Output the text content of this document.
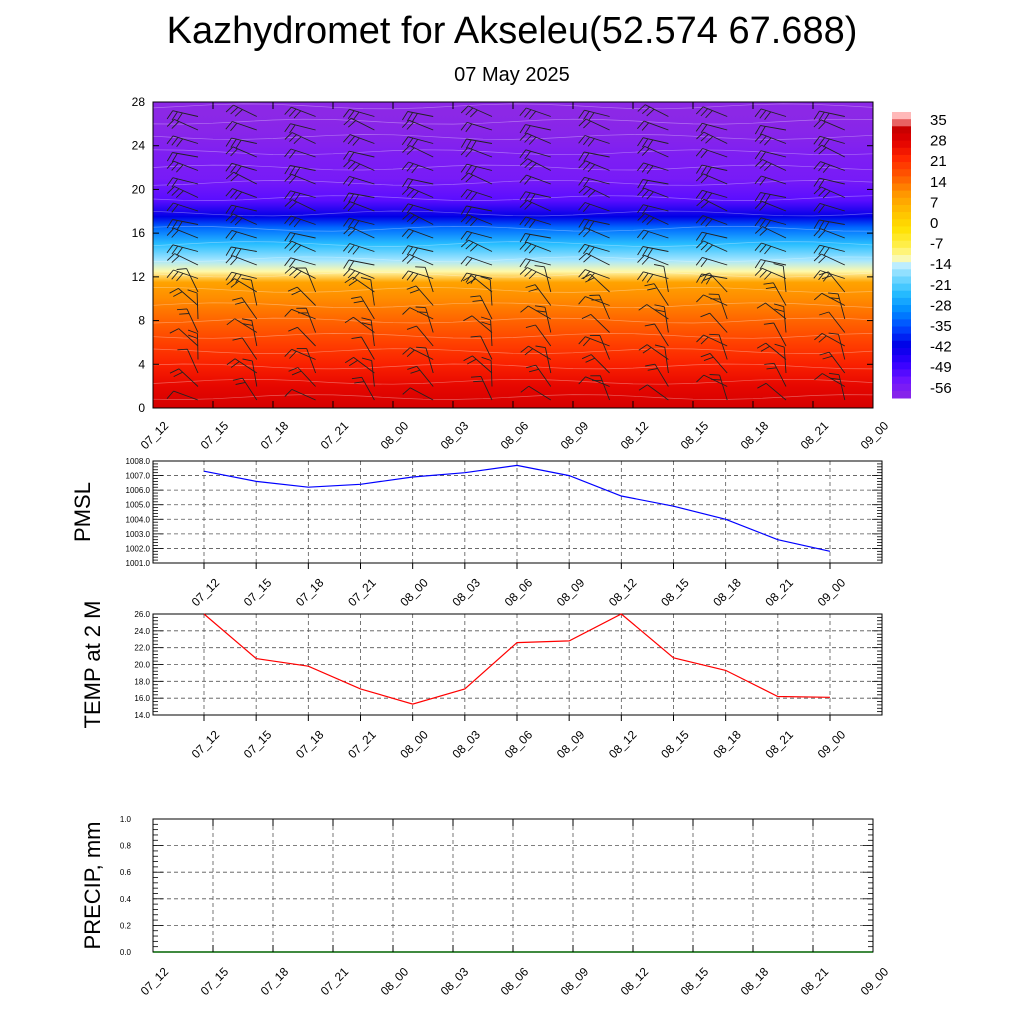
Kazhydromet for Akseleu(52.574 67.688)
07 May 2025
0
4
8
12
16
20
24
28
07_12 07_15 07_18 07_21 08_00 08_03 08_06 08_09 08_12 08_15 08_18 08_21 09_00
35
28
21
14
7
0
-7
-14
-21
-28
-35
-42
-49
-56
1001.0
1002.0
1003.0
1004.0
1005.0
1006.0
1007.0
1008.0
07_12 07_15 07_18 07_21 08_00 08_03 08_06 08_09 08_12 08_15 08_18 08_21 09_00
PMSL
14.0
16.0
18.0
20.0
22.0
24.0
26.0
07_12 07_15 07_18 07_21 08_00 08_03 08_06 08_09 08_12 08_15 08_18 08_21 09_00
TEMP at 2 M
0.0
0.2
0.4
0.6
0.8
1.0
07_12 07_15 07_18 07_21 08_00 08_03 08_06 08_09 08_12 08_15 08_18 08_21 09_00
PRECIP, mm
